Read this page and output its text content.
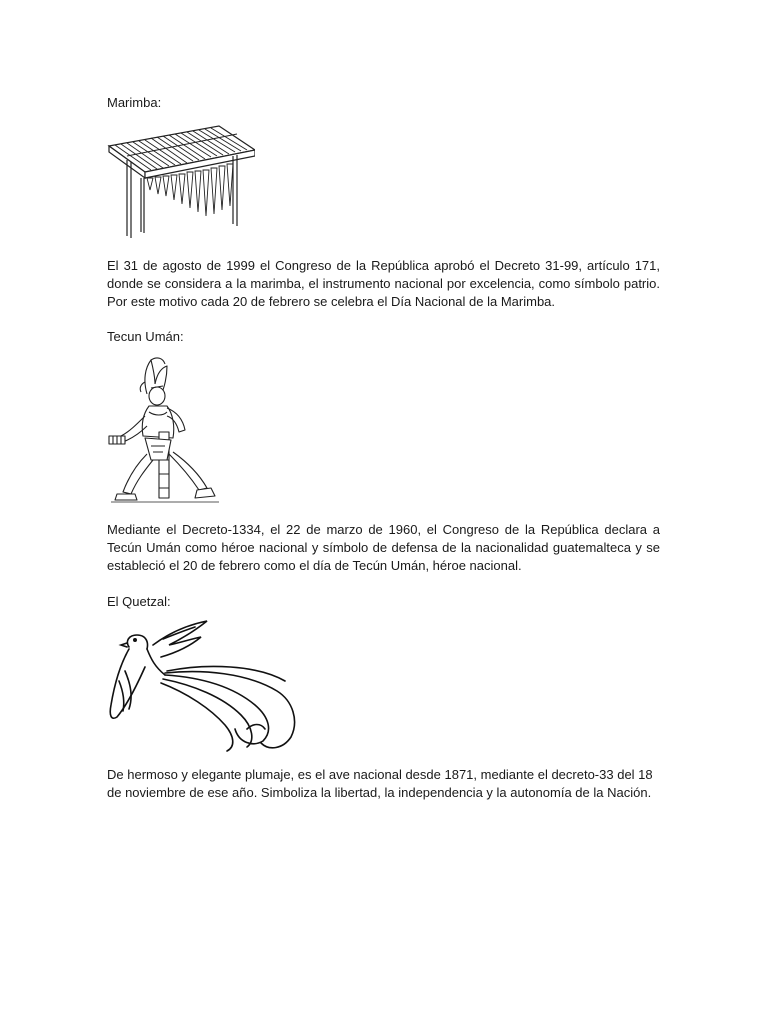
Marimba:

El 31 de agosto de 1999 el Congreso de la República aprobó el Decreto 31-99, artículo 171, donde se considera a la marimba, el instrumento nacional por excelencia, como símbolo patrio. Por este motivo cada 20 de febrero se celebra el Día Nacional de la Marimba.

Tecun Umán:

Mediante el Decreto-1334, el 22 de marzo de 1960, el Congreso de la República declara a Tecún Umán como héroe nacional y símbolo de defensa de la nacionalidad guatemalteca y se estableció el 20 de febrero como el día de Tecún Umán, héroe nacional.

El Quetzal:

De hermoso y elegante plumaje, es el ave nacional desde 1871, mediante el decreto-33 del 18 de noviembre de ese año. Simboliza la libertad, la independencia y la autonomía de la Nación.
